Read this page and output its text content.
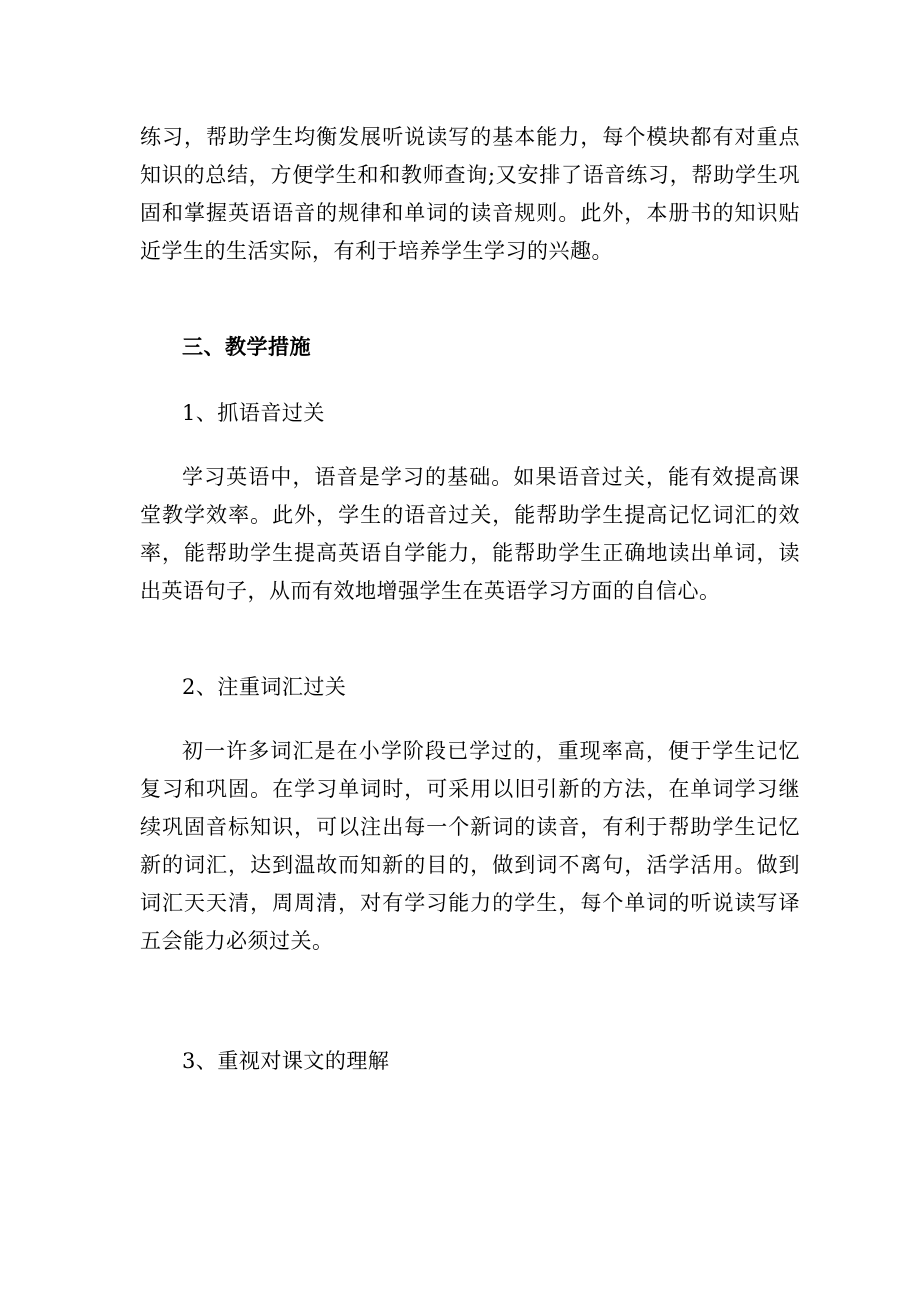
练习，帮助学生均衡发展听说读写的基本能力，每个模块都有对重点知识的总结，方便学生和和教师查询;又安排了语音练习，帮助学生巩固和掌握英语语音的规律和单词的读音规则。此外，本册书的知识贴近学生的生活实际，有利于培养学生学习的兴趣。

三、教学措施

1、抓语音过关

学习英语中，语音是学习的基础。如果语音过关，能有效提高课堂教学效率。此外，学生的语音过关，能帮助学生提高记忆词汇的效率，能帮助学生提高英语自学能力，能帮助学生正确地读出单词，读出英语句子，从而有效地增强学生在英语学习方面的自信心。

2、注重词汇过关

初一许多词汇是在小学阶段已学过的，重现率高，便于学生记忆复习和巩固。在学习单词时，可采用以旧引新的方法，在单词学习继续巩固音标知识，可以注出每一个新词的读音，有利于帮助学生记忆新的词汇，达到温故而知新的目的，做到词不离句，活学活用。做到词汇天天清，周周清，对有学习能力的学生，每个单词的听说读写译五会能力必须过关。

3、重视对课文的理解
